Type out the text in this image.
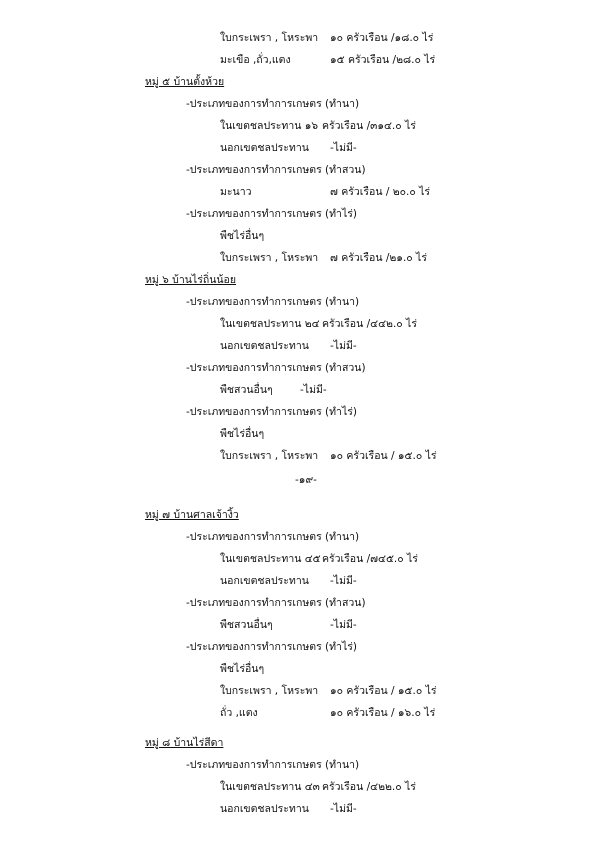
ใบกระเพรา , โหระพา ๑๐ ครัวเรือน /๑๘.๐ ไร่
มะเขือ ,ถั่ว,แตง	๑๕ ครัวเรือน /๒๘.๐ ไร่
หมู่ ๕ บ้านตั้งห้วย
-ประเภทของการทำการเกษตร (ทำนา)
ในเขตชลประทาน ๑๖ ครัวเรือน /๓๑๔.๐ ไร่
นอกเขตชลประทาน -ไม่มี-
-ประเภทของการทำการเกษตร (ทำสวน)
มะนาว	๗ ครัวเรือน / ๒๐.๐ ไร่
-ประเภทของการทำการเกษตร (ทำไร่)
พืชไร่อื่นๆ
ใบกระเพรา , โหระพา ๗ ครัวเรือน /๒๑.๐ ไร่
หมู่ ๖ บ้านไร่ถิ่นน้อย
-ประเภทของการทำการเกษตร (ทำนา)
ในเขตชลประทาน ๒๔ ครัวเรือน /๔๔๒.๐ ไร่
นอกเขตชลประทาน -ไม่มี-
-ประเภทของการทำการเกษตร (ทำสวน)
พืชสวนอื่นๆ	-ไม่มี-
-ประเภทของการทำการเกษตร (ทำไร่)
พืชไร่อื่นๆ
ใบกระเพรา , โหระพา ๑๐ ครัวเรือน / ๑๕.๐ ไร่
-๑๙-
หมู่ ๗ บ้านศาลเจ้างิ้ว
-ประเภทของการทำการเกษตร (ทำนา)
ในเขตชลประทาน ๔๕ ครัวเรือน /๗๔๕.๐ ไร่
นอกเขตชลประทาน -ไม่มี-
-ประเภทของการทำการเกษตร (ทำสวน)
พืชสวนอื่นๆ	-ไม่มี-
-ประเภทของการทำการเกษตร (ทำไร่)
พืชไร่อื่นๆ
ใบกระเพรา , โหระพา ๑๐ ครัวเรือน / ๑๕.๐ ไร่
ถั่ว ,แตง	๑๐ ครัวเรือน / ๑๖.๐ ไร่
หมู่ ๘ บ้านไร่สีดา
-ประเภทของการทำการเกษตร (ทำนา)
ในเขตชลประทาน ๔๓ ครัวเรือน /๔๒๒.๐ ไร่
นอกเขตชลประทาน -ไม่มี-
